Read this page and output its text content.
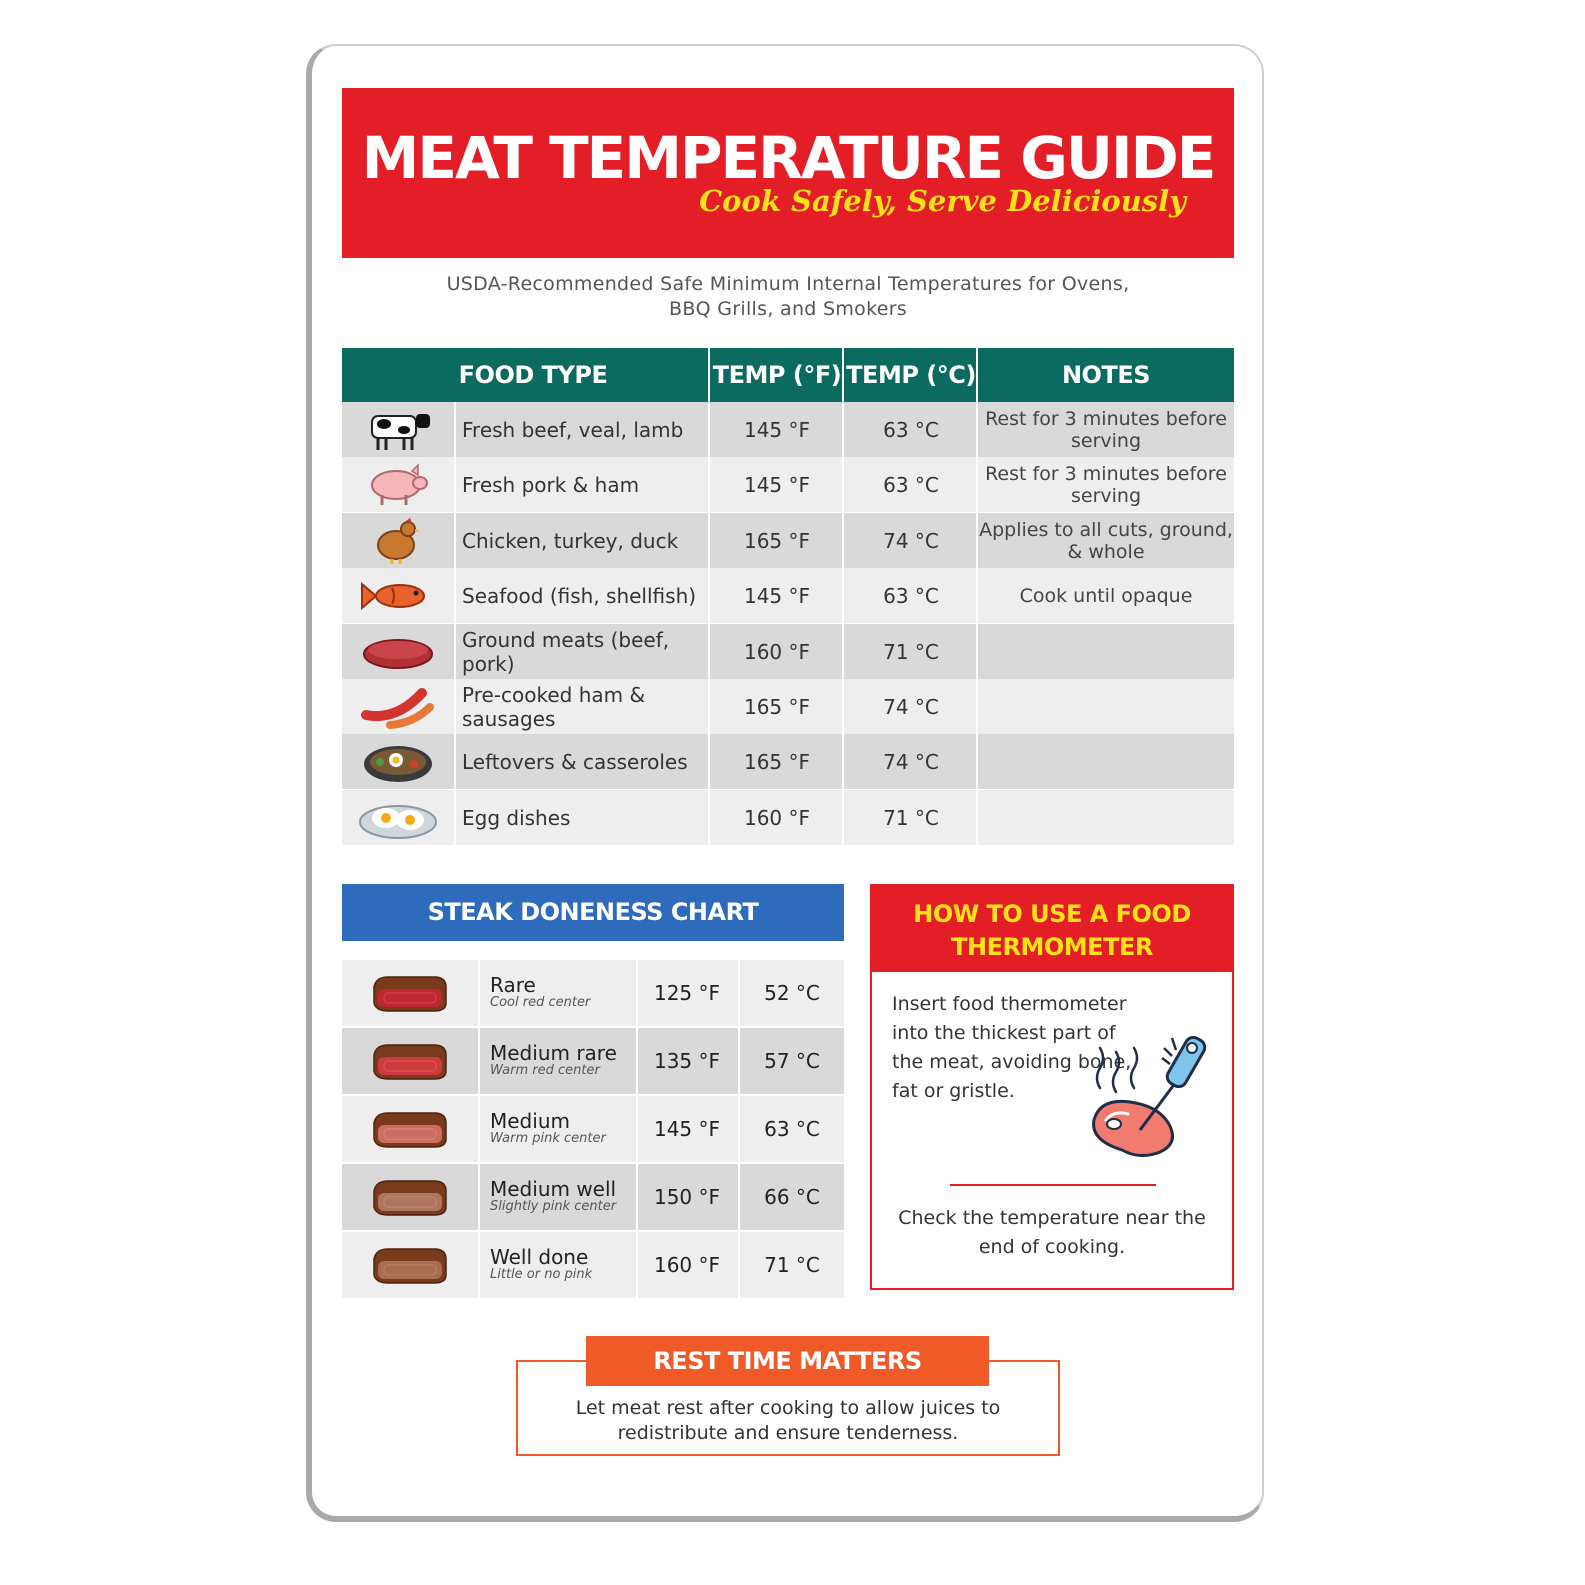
MEAT TEMPERATURE GUIDE
Cook Safely, Serve Deliciously
USDA-Recommended Safe Minimum Internal Temperatures for Ovens,
BBQ Grills, and Smokers
FOOD TYPE	TEMP (°F) TEMP (°C)	NOTES
Fresh beef, veal, lamb	145 °F	63 °C	Rest for 3 minutes before serving
Fresh pork & ham	145 °F	63 °C	Rest for 3 minutes before serving
Chicken, turkey, duck	165 °F	74 °C	Applies to all cuts, ground, & whole
Seafood (fish, shellfish)	145 °F	63 °C	Cook until opaque
Ground meats (beef, pork)	160 °F	71 °C
Pre-cooked ham & sausages	165 °F	74 °C
Leftovers & casseroles	165 °F	74 °C
Egg dishes	160 °F	71 °C
STEAK DONENESS CHART
Rare
Cool red center	125 °F	52 °C
Medium rare
Warm red center	135 °F	57 °C
Medium
Warm pink center	145 °F	63 °C
Medium well
Slightly pink center	150 °F	66 °C
Well done
Little or no pink	160 °F	71 °C
HOW TO USE A FOOD
THERMOMETER
Insert food thermometer into the thickest part of the meat, avoiding bone, fat or gristle.
Check the temperature near the end of cooking.
REST TIME MATTERS
Let meat rest after cooking to allow juices to redistribute and ensure tenderness.
